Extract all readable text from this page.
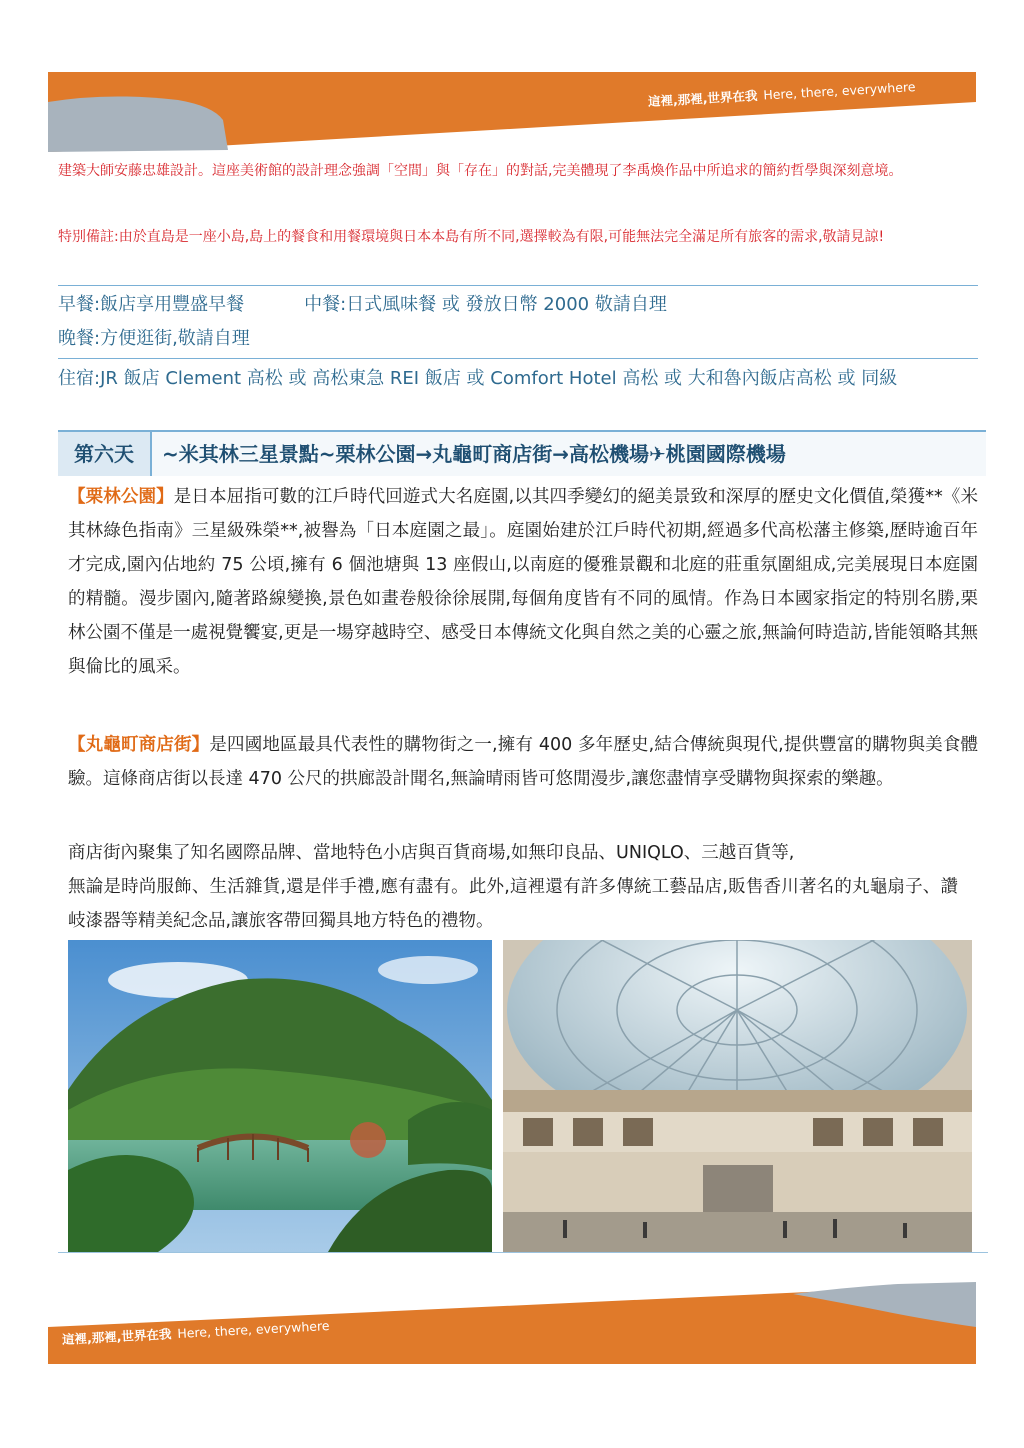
這裡,那裡,世界在我 Here, there, everywhere
建築大師安藤忠雄設計。這座美術館的設計理念強調「空間」與「存在」的對話,完美體現了李禹煥作品中所追求的簡約哲學與深刻意境。
特別備註:由於直島是一座小島,島上的餐食和用餐環境與日本本島有所不同,選擇較為有限,可能無法完全滿足所有旅客的需求,敬請見諒!
早餐:飯店享用豐盛早餐	中餐:日式風味餐 或 發放日幣 2000 敬請自理
晚餐:方便逛街,敬請自理
住宿:JR 飯店 Clement 高松 或 高松東急 REI 飯店 或 Comfort Hotel 高松 或 大和魯內飯店高松 或 同級
第六天	~米其林三星景點~栗林公園→丸龜町商店街→高松機場✈桃園國際機場
【栗林公園】是日本屈指可數的江戶時代回遊式大名庭園,以其四季變幻的絕美景致和深厚的歷史文化價值,榮獲**《米其林綠色指南》三星級殊榮**,被譽為「日本庭園之最」。庭園始建於江戶時代初期,經過多代高松藩主修築,歷時逾百年才完成,園內佔地約 75 公頃,擁有 6 個池塘與 13 座假山,以南庭的優雅景觀和北庭的莊重氛圍組成,完美展現日本庭園的精髓。漫步園內,隨著路線變換,景色如畫卷般徐徐展開,每個角度皆有不同的風情。作為日本國家指定的特別名勝,栗林公園不僅是一處視覺饗宴,更是一場穿越時空、感受日本傳統文化與自然之美的心靈之旅,無論何時造訪,皆能領略其無與倫比的風采。
【丸龜町商店街】是四國地區最具代表性的購物街之一,擁有 400 多年歷史,結合傳統與現代,提供豐富的購物與美食體驗。這條商店街以長達 470 公尺的拱廊設計聞名,無論晴雨皆可悠閒漫步,讓您盡情享受購物與探索的樂趣。
商店街內聚集了知名國際品牌、當地特色小店與百貨商場,如無印良品、UNIQLO、三越百貨等,
無論是時尚服飾、生活雜貨,還是伴手禮,應有盡有。此外,這裡還有許多傳統工藝品店,販售香川著名的丸龜扇子、讚岐漆器等精美紀念品,讓旅客帶回獨具地方特色的禮物。
這裡,那裡,世界在我 Here, there, everywhere
